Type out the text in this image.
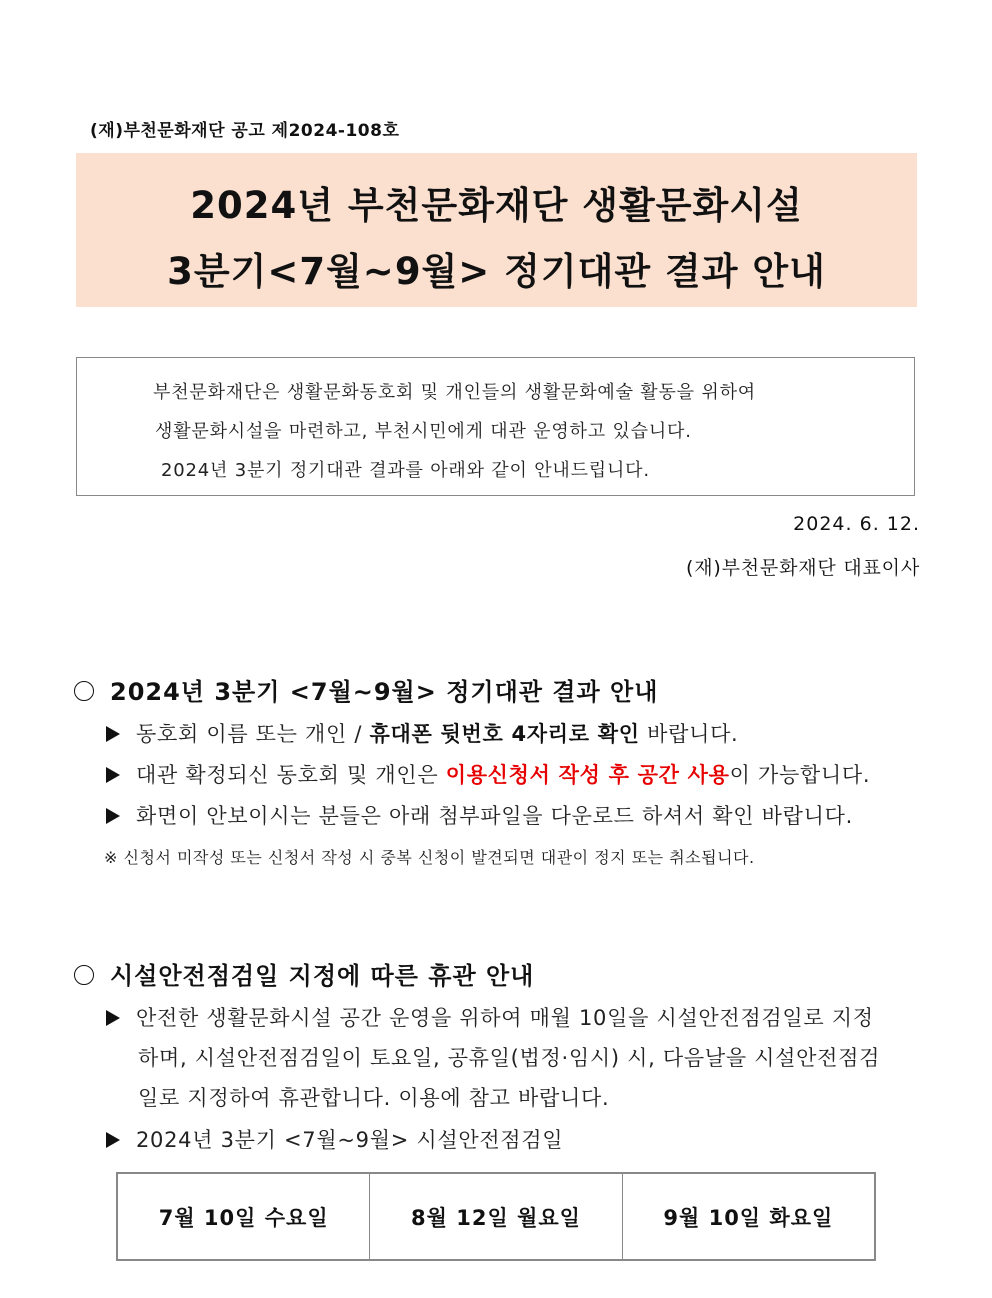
(재)부천문화재단 공고 제2024-108호
2024년 부천문화재단 생활문화시설
3분기<7월~9월> 정기대관 결과 안내
부천문화재단은 생활문화동호회 및 개인들의 생활문화예술 활동을 위하여
생활문화시설을 마련하고, 부천시민에게 대관 운영하고 있습니다.
2024년 3분기 정기대관 결과를 아래와 같이 안내드립니다.
2024. 6. 12.
(재)부천문화재단 대표이사
2024년 3분기 <7월~9월> 정기대관 결과 안내
동호회 이름 또는 개인 / 휴대폰 뒷번호 4자리로 확인 바랍니다.
대관 확정되신 동호회 및 개인은 이용신청서 작성 후 공간 사용이 가능합니다.
화면이 안보이시는 분들은 아래 첨부파일을 다운로드 하셔서 확인 바랍니다.
※ 신청서 미작성 또는 신청서 작성 시 중복 신청이 발견되면 대관이 정지 또는 취소됩니다.
시설안전점검일 지정에 따른 휴관 안내
안전한 생활문화시설 공간 운영을 위하여 매월 10일을 시설안전점검일로 지정
하며, 시설안전점검일이 토요일, 공휴일(법정·임시) 시, 다음날을 시설안전점검
일로 지정하여 휴관합니다. 이용에 참고 바랍니다.
2024년 3분기 <7월~9월> 시설안전점검일
7월 10일 수요일	8월 12일 월요일	9월 10일 화요일
